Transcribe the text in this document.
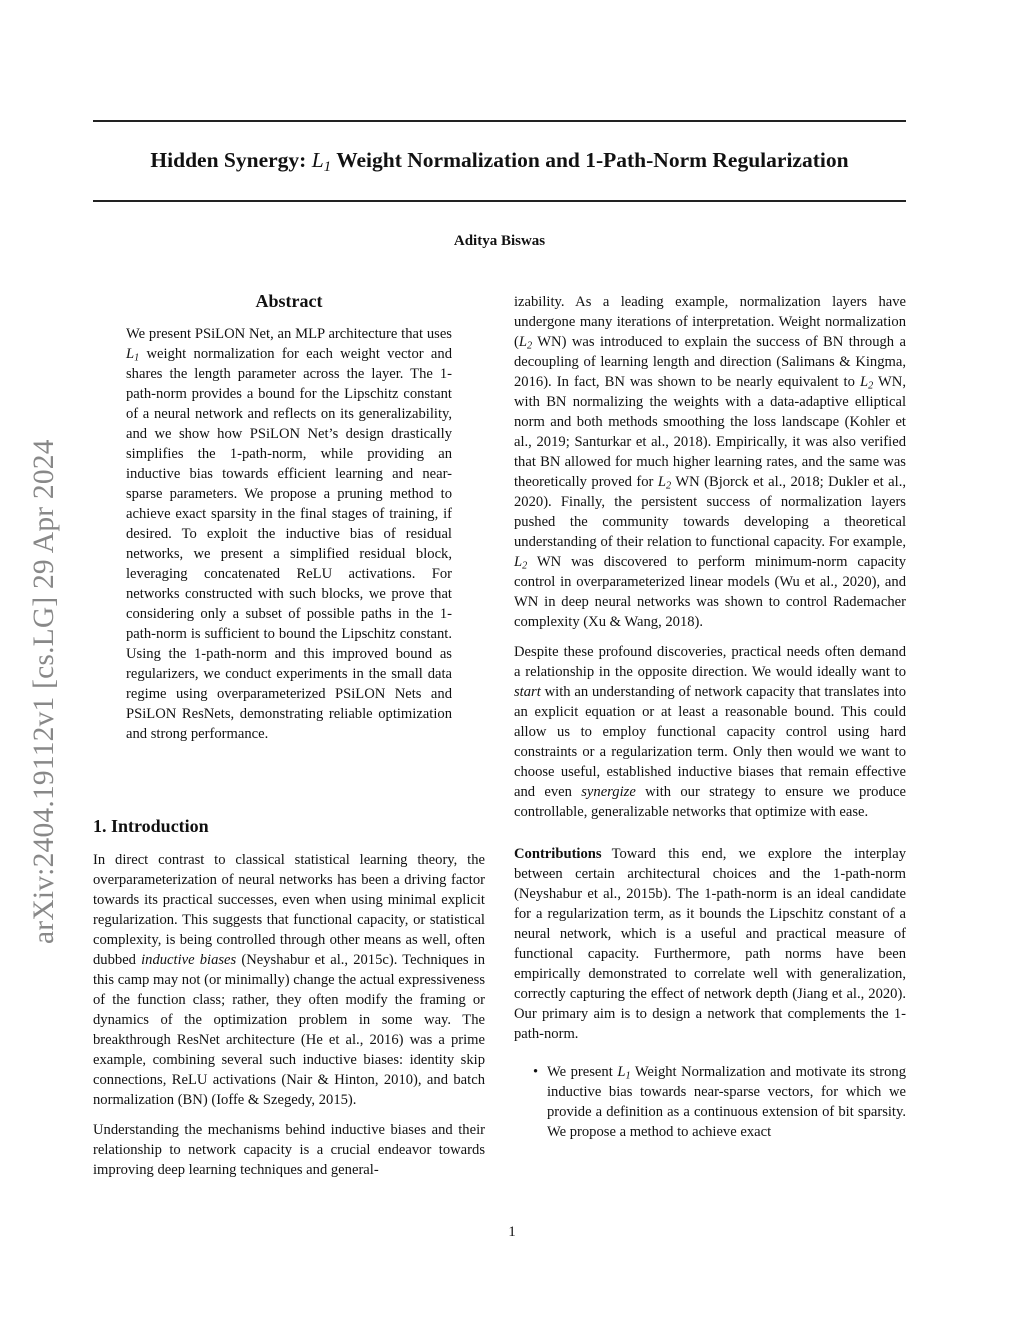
Hidden Synergy: $L_1$ Weight Normalization and 1-Path-Norm Regularization
Aditya Biswas
arXiv:2404.19112v1 [cs.LG] 29 Apr 2024
Abstract

We present PSiLON Net, an MLP architecture that uses $L_1$ weight normalization for each weight vector and shares the length parameter across the layer. The 1-path-norm provides a bound for the Lipschitz constant of a neural network and reflects on its generalizability, and we show how PSiLON Net’s design drastically simplifies the 1-path-norm, while providing an inductive bias towards efficient learning and near-sparse parameters. We propose a pruning method to achieve exact sparsity in the final stages of training, if desired. To exploit the inductive bias of residual networks, we present a simplified residual block, leveraging concatenated ReLU activations. For networks constructed with such blocks, we prove that considering only a subset of possible paths in the 1-path-norm is sufficient to bound the Lipschitz constant. Using the 1-path-norm and this improved bound as regularizers, we conduct experiments in the small data regime using overparameterized PSiLON Nets and PSiLON ResNets, demonstrating reliable optimization and strong performance.

1. Introduction

In direct contrast to classical statistical learning theory, the overparameterization of neural networks has been a driving factor towards its practical successes, even when using minimal explicit regularization. This suggests that functional capacity, or statistical complexity, is being controlled through other means as well, often dubbed inductive biases (Neyshabur et al., 2015c). Techniques in this camp may not (or minimally) change the actual expressiveness of the function class; rather, they often modify the framing or dynamics of the optimization problem in some way. The breakthrough ResNet architecture (He et al., 2016) was a prime example, combining several such inductive biases: identity skip connections, ReLU activations (Nair & Hinton, 2010), and batch normalization (BN) (Ioffe & Szegedy, 2015).

Understanding the mechanisms behind inductive biases and their relationship to network capacity is a crucial endeavor towards improving deep learning techniques and general-

izability. As a leading example, normalization layers have undergone many iterations of interpretation. Weight normalization ($L_2$ WN) was introduced to explain the success of BN through a decoupling of learning length and direction (Salimans & Kingma, 2016). In fact, BN was shown to be nearly equivalent to $L_2$ WN, with BN normalizing the weights with a data-adaptive elliptical norm and both methods smoothing the loss landscape (Kohler et al., 2019; Santurkar et al., 2018). Empirically, it was also verified that BN allowed for much higher learning rates, and the same was theoretically proved for $L_2$ WN (Bjorck et al., 2018; Dukler et al., 2020). Finally, the persistent success of normalization layers pushed the community towards developing a theoretical understanding of their relation to functional capacity. For example, $L_2$ WN was discovered to perform minimum-norm capacity control in overparameterized linear models (Wu et al., 2020), and WN in deep neural networks was shown to control Rademacher complexity (Xu & Wang, 2018).

Despite these profound discoveries, practical needs often demand a relationship in the opposite direction. We would ideally want to start with an understanding of network capacity that translates into an explicit equation or at least a reasonable bound. This could allow us to employ functional capacity control using hard constraints or a regularization term. Only then would we want to choose useful, established inductive biases that remain effective and even synergize with our strategy to ensure we produce controllable, generalizable networks that optimize with ease.

Contributions Toward this end, we explore the interplay between certain architectural choices and the 1-path-norm (Neyshabur et al., 2015b). The 1-path-norm is an ideal candidate for a regularization term, as it bounds the Lipschitz constant of a neural network, which is a useful and practical measure of functional capacity. Furthermore, path norms have been empirically demonstrated to correlate well with generalization, correctly capturing the effect of network depth (Jiang et al., 2020). Our primary aim is to design a network that complements the 1-path-norm.

• We present $L_1$ Weight Normalization and motivate its strong inductive bias towards near-sparse vectors, for which we provide a definition as a continuous extension of bit sparsity. We propose a method to achieve exact
1
